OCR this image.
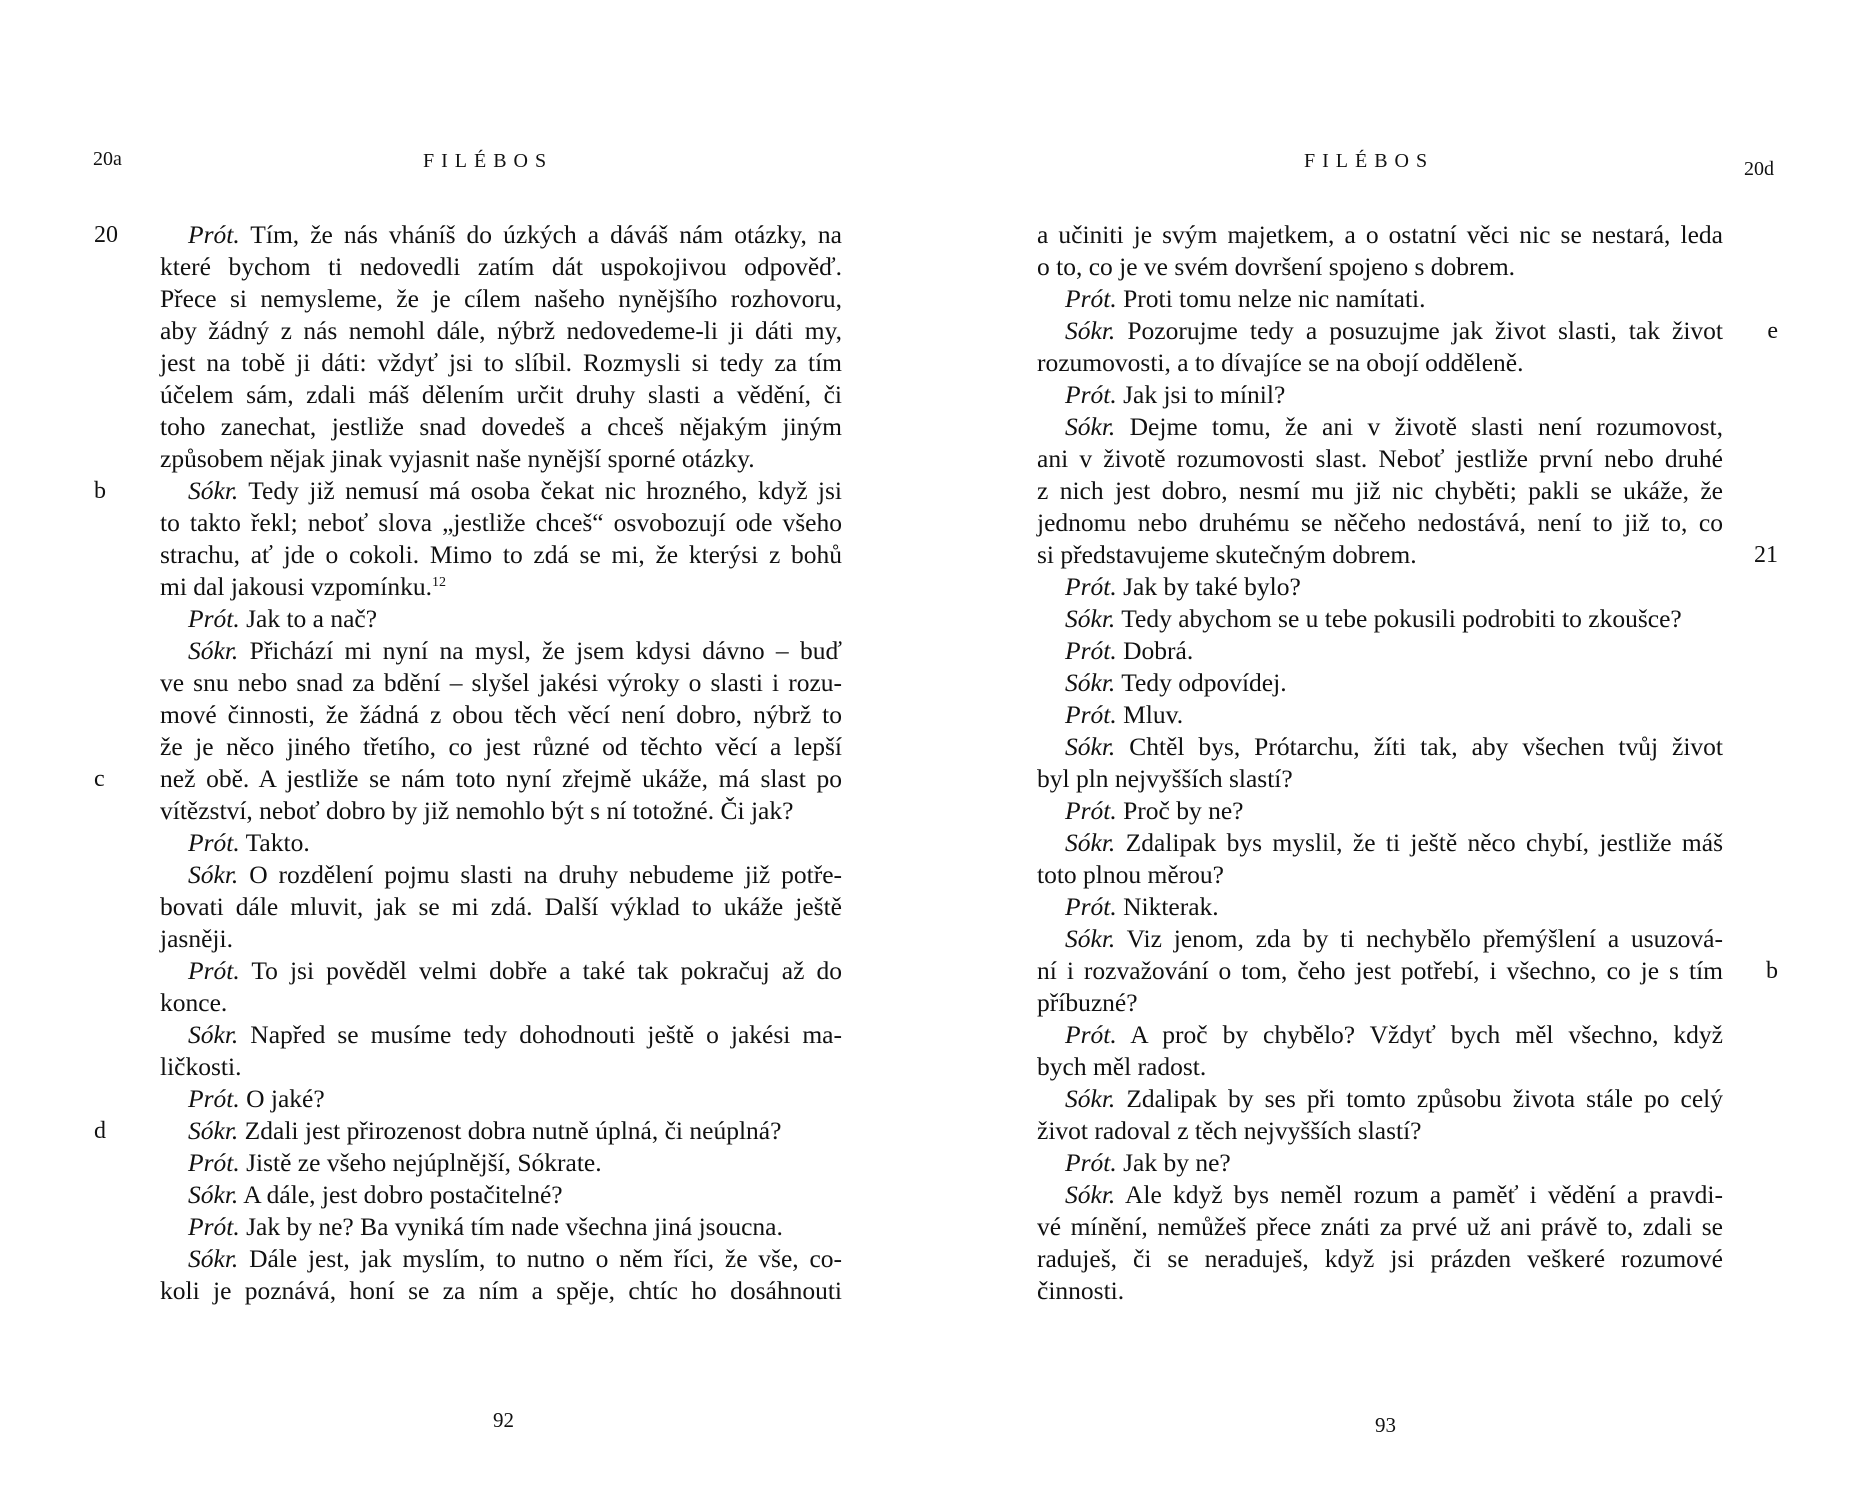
20a	FILÉBOS
20	Prót. Tím, že nás vháníš do úzkých a dáváš nám otázky, na
které bychom ti nedovedli zatím dát uspokojivou odpověď.
Přece si nemysleme, že je cílem našeho nynějšího rozhovoru,
aby žádný z nás nemohl dále, nýbrž nedovedeme-li ji dáti my,
jest na tobě ji dáti: vždyť jsi to slíbil. Rozmysli si tedy za tím
účelem sám, zdali máš dělením určit druhy slasti a vědění, či
toho zanechat, jestliže snad dovedeš a chceš nějakým jiným
způsobem nějak jinak vyjasnit naše nynější sporné otázky.
b	Sókr. Tedy již nemusí má osoba čekat nic hrozného, když jsi
to takto řekl; neboť slova „jestliže chceš“ osvobozují ode všeho
strachu, ať jde o cokoli. Mimo to zdá se mi, že kterýsi z bohů
mi dal jakousi vzpomínku.$^{12}$
Prót. Jak to a nač?
Sókr. Přichází mi nyní na mysl, že jsem kdysi dávno – buď
ve snu nebo snad za bdění – slyšel jakési výroky o slasti i rozu-
mové činnosti, že žádná z obou těch věcí není dobro, nýbrž to
že je něco jiného třetího, co jest různé od těchto věcí a lepší
c než obě. A jestliže se nám toto nyní zřejmě ukáže, má slast po
vítězství, neboť dobro by již nemohlo být s ní totožné. Či jak?
Prót. Takto.
Sókr. O rozdělení pojmu slasti na druhy nebudeme již potře-
bovati dále mluvit, jak se mi zdá. Další výklad to ukáže ještě
jasněji.
Prót. To jsi pověděl velmi dobře a také tak pokračuj až do
konce.
Sókr. Napřed se musíme tedy dohodnouti ještě o jakési ma-
ličkosti.
Prót. O jaké?
d	Sókr. Zdali jest přirozenost dobra nutně úplná, či neúplná?
Prót. Jistě ze všeho nejúplnější, Sókrate.
Sókr. A dále, jest dobro postačitelné?
Prót. Jak by ne? Ba vyniká tím nade všechna jiná jsoucna.
Sókr. Dále jest, jak myslím, to nutno o něm říci, že vše, co-
koli je poznává, honí se za ním a spěje, chtíc ho dosáhnouti
92
FILÉBOS	20d
a učiniti je svým majetkem, a o ostatní věci nic se nestará, leda
o to, co je ve svém dovršení spojeno s dobrem.
Prót. Proti tomu nelze nic namítati.
e
Sókr. Pozorujme tedy a posuzujme jak život slasti, tak život
rozumovosti, a to dívajíce se na obojí odděleně.
Prót. Jak jsi to mínil?
Sókr. Dejme tomu, že ani v životě slasti není rozumovost,
ani v životě rozumovosti slast. Neboť jestliže první nebo druhé
z nich jest dobro, nesmí mu již nic chyběti; pakli se ukáže, že
jednomu nebo druhému se něčeho nedostává, není to již to, co
21
si představujeme skutečným dobrem.
Prót. Jak by také bylo?
Sókr. Tedy abychom se u tebe pokusili podrobiti to zkoušce?
Prót. Dobrá.
Sókr. Tedy odpovídej.
Prót. Mluv.
Sókr. Chtěl bys, Prótarchu, žíti tak, aby všechen tvůj život
byl pln nejvyšších slastí?
Prót. Proč by ne?
Sókr. Zdalipak bys myslil, že ti ještě něco chybí, jestliže máš
toto plnou měrou?
Prót. Nikterak.
Sókr. Viz jenom, zda by ti nechybělo přemýšlení a usuzová-
b
ní i rozvažování o tom, čeho jest potřebí, i všechno, co je s tím
příbuzné?
Prót. A proč by chybělo? Vždyť bych měl všechno, když
bych měl radost.
Sókr. Zdalipak by ses při tomto způsobu života stále po celý
život radoval z těch nejvyšších slastí?
Prót. Jak by ne?
Sókr. Ale když bys neměl rozum a paměť i vědění a pravdi-
vé mínění, nemůžeš přece znáti za prvé už ani právě to, zdali se
raduješ, či se neraduješ, když jsi prázden veškeré rozumové
činnosti.
93
